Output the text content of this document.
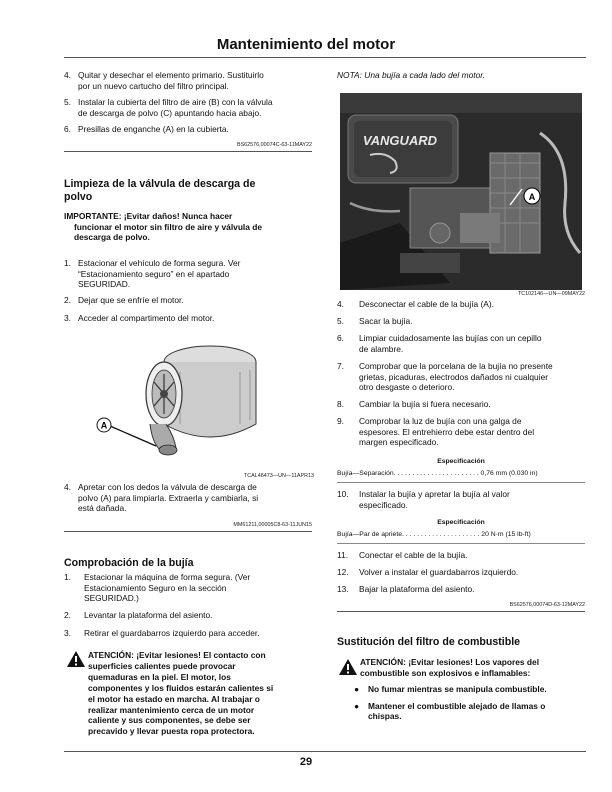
Mantenimiento del motor
4. Quitar y desechar el elemento primario. Sustituirlo
por un nuevo cartucho del filtro principal.
5. Instalar la cubierta del filtro de aire (B) con la válvula
de descarga de polvo (C) apuntando hacia abajo.
6. Presillas de enganche (A) en la cubierta.
BS62576,00074C-63-11MAY22
Limpieza de la válvula de descarga de
polvo
IMPORTANTE: ¡Evitar daños! Nunca hacer
funcionar el motor sin filtro de aire y válvula de
descarga de polvo.
1. Estacionar el vehículo de forma segura. Ver
“Estacionamiento seguro” en el apartado
SEGURIDAD.
2. Dejar que se enfríe el motor.
3. Acceder al compartimento del motor.
A
TCAL46473—UN—11APR13
4. Apretar con los dedos la válvula de descarga de
polvo (A) para limpiarla. Extraerla y cambiarla, si
está dañada.
MM61211,00005C8-63-11JUN15
Comprobación de la bujía
1. Estacionar la máquina de forma segura. (Ver
Estacionamiento Seguro en la sección
SEGURIDAD.)
2. Levantar la plataforma del asiento.
3. Retirar el guardabarros izquierdo para acceder.
ATENCIÓN: ¡Evitar lesiones! El contacto con
superficies calientes puede provocar
quemaduras en la piel. El motor, los
componentes y los fluidos estarán calientes si
el motor ha estado en marcha. Al trabajar o
realizar mantenimiento cerca de un motor
caliente y sus componentes, se debe ser
precavido y llevar puesta ropa protectora.
NOTA: Una bujía a cada lado del motor.
VANGUARD
A
TC102146—UN—09MAY22
4. Desconectar el cable de la bujía (A).
5. Sacar la bujía.
6. Limpiar cuidadosamente las bujías con un cepillo
de alambre.
7. Comprobar que la porcelana de la bujía no presente
grietas, picaduras, electrodos dañados ni cualquier
otro desgaste o deterioro.
8. Cambiar la bujía si fuera necesario.
9. Comprobar la luz de bujía con una galga de
espesores. El entrehierro debe estar dentro del
margen especificado.
Especificación
Bujía—Separación. . . . . . . . . . . . . . . . . . . . . . . 0,76 mm (0.030 in)
10. Instalar la bujía y apretar la bujía al valor
especificado.
Especificación
Bujía—Par de apriete. . . . . . . . . . . . . . . . . . . . . 20 N·m (15 lb-ft)
11. Conectar el cable de la bujía.
12. Volver a instalar el guardabarros izquierdo.
13. Bajar la plataforma del asiento.
BS62576,00074D-63-12MAY22
Sustitución del filtro de combustible
ATENCIÓN: ¡Evitar lesiones! Los vapores del
combustible son explosivos e inflamables:
● No fumar mientras se manipula combustible.
● Mantener el combustible alejado de llamas o
chispas.
29
